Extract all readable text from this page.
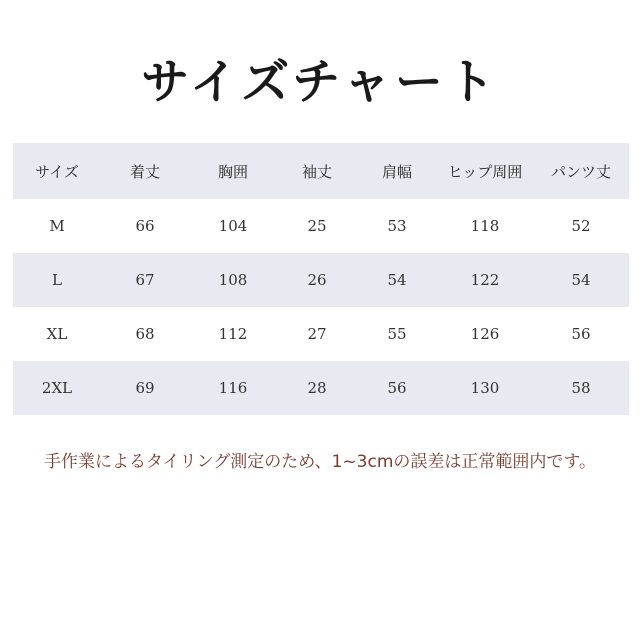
サイズチャート
サイズ	着丈	胸囲	袖丈	肩幅	ヒップ周囲	パンツ丈
M	66	104	25	53	118	52
L	67	108	26	54	122	54
XL	68	112	27	55	126	56
2XL	69	116	28	56	130	58
手作業によるタイリング測定のため、1~3cmの誤差は正常範囲内です。
